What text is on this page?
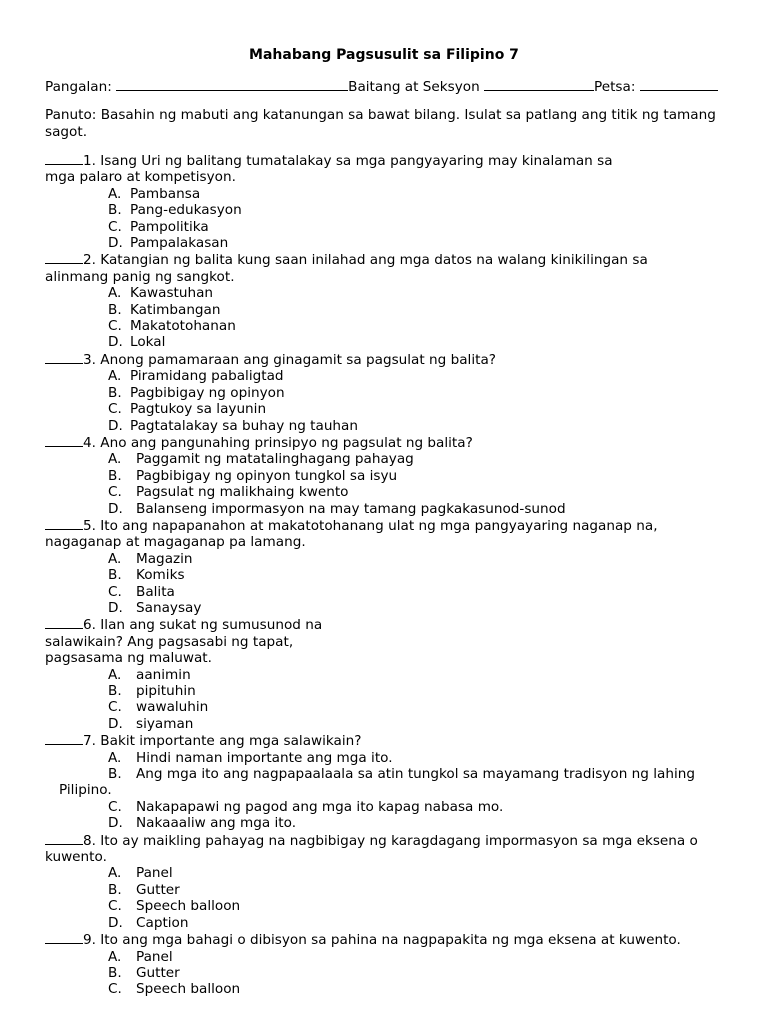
Mahabang Pagsusulit sa Filipino 7
Pangalan:	Baitang at Seksyon	Petsa:
Panuto: Basahin ng mabuti ang katanungan sa bawat bilang. Isulat sa patlang ang titik ng tamang sagot.
1. Isang Uri ng balitang tumatalakay sa mga pangyayaring may kinalaman sa
mga palaro at kompetisyon.
A. Pambansa
B. Pang-edukasyon
C. Pampolitika
D. Pampalakasan
2. Katangian ng balita kung saan inilahad ang mga datos na walang kinikilingan sa
alinmang panig ng sangkot.
A. Kawastuhan
B. Katimbangan
C. Makatotohanan
D. Lokal
3. Anong pamamaraan ang ginagamit sa pagsulat ng balita?
A. Piramidang pabaligtad
B. Pagbibigay ng opinyon
C. Pagtukoy sa layunin
D. Pagtatalakay sa buhay ng tauhan
4. Ano ang pangunahing prinsipyo ng pagsulat ng balita?
A. Paggamit ng matatalinghagang pahayag
B. Pagbibigay ng opinyon tungkol sa isyu
C. Pagsulat ng malikhaing kwento
D. Balanseng impormasyon na may tamang pagkakasunod-sunod
5. Ito ang napapanahon at makatotohanang ulat ng mga pangyayaring naganap na,
nagaganap at magaganap pa lamang.
A. Magazin
B. Komiks
C. Balita
D. Sanaysay
6. Ilan ang sukat ng sumusunod na
salawikain? Ang pagsasabi ng tapat,
pagsasama ng maluwat.
A. aanimin
B. pipituhin
C. wawaluhin
D. siyaman
7. Bakit importante ang mga salawikain?
A. Hindi naman importante ang mga ito.
B. Ang mga ito ang nagpapaalaala sa atin tungkol sa mayamang tradisyon ng lahing
Pilipino.
C. Nakapapawi ng pagod ang mga ito kapag nabasa mo.
D. Nakaaaliw ang mga ito.
8. Ito ay maikling pahayag na nagbibigay ng karagdagang impormasyon sa mga eksena o
kuwento.
A. Panel
B. Gutter
C. Speech balloon
D. Caption
9. Ito ang mga bahagi o dibisyon sa pahina na nagpapakita ng mga eksena at kuwento.
A. Panel
B. Gutter
C. Speech balloon
